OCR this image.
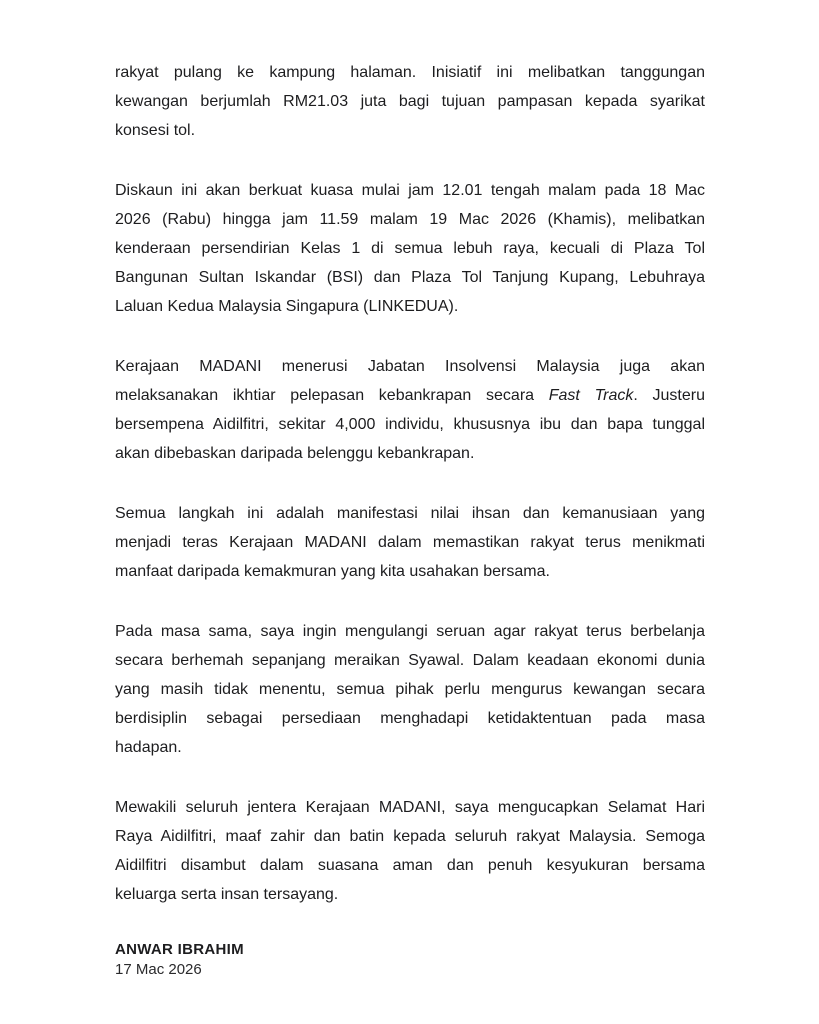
rakyat pulang ke kampung halaman. Inisiatif ini melibatkan tanggungan
kewangan berjumlah RM21.03 juta bagi tujuan pampasan kepada syarikat
konsesi tol.
Diskaun ini akan berkuat kuasa mulai jam 12.01 tengah malam pada 18 Mac
2026 (Rabu) hingga jam 11.59 malam 19 Mac 2026 (Khamis), melibatkan
kenderaan persendirian Kelas 1 di semua lebuh raya, kecuali di Plaza Tol
Bangunan Sultan Iskandar (BSI) dan Plaza Tol Tanjung Kupang, Lebuhraya
Laluan Kedua Malaysia Singapura (LINKEDUA).
Kerajaan MADANI menerusi Jabatan Insolvensi Malaysia juga akan
melaksanakan ikhtiar pelepasan kebankrapan secara Fast Track. Justeru
bersempena Aidilfitri, sekitar 4,000 individu, khususnya ibu dan bapa tunggal
akan dibebaskan daripada belenggu kebankrapan.
Semua langkah ini adalah manifestasi nilai ihsan dan kemanusiaan yang
menjadi teras Kerajaan MADANI dalam memastikan rakyat terus menikmati
manfaat daripada kemakmuran yang kita usahakan bersama.
Pada masa sama, saya ingin mengulangi seruan agar rakyat terus berbelanja
secara berhemah sepanjang meraikan Syawal. Dalam keadaan ekonomi dunia
yang masih tidak menentu, semua pihak perlu mengurus kewangan secara
berdisiplin sebagai persediaan menghadapi ketidaktentuan pada masa
hadapan.
Mewakili seluruh jentera Kerajaan MADANI, saya mengucapkan Selamat Hari
Raya Aidilfitri, maaf zahir dan batin kepada seluruh rakyat Malaysia. Semoga
Aidilfitri disambut dalam suasana aman dan penuh kesyukuran bersama
keluarga serta insan tersayang.
ANWAR IBRAHIM
17 Mac 2026
